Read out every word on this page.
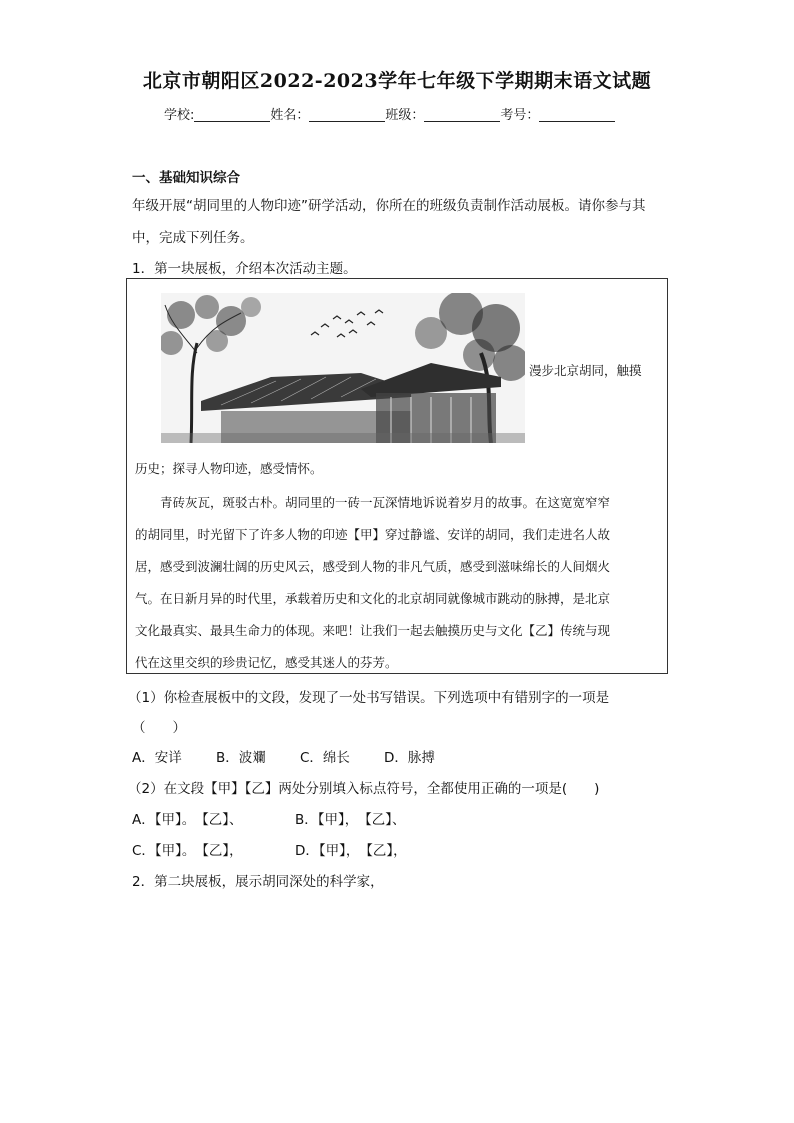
北京市朝阳区2022-2023学年七年级下学期期末语文试题
学校:	姓名：	班级：	考号：
一、基础知识综合
年级开展“胡同里的人物印迹”研学活动，你所在的班级负责制作活动展板。请你参与其
中，完成下列任务。
1．第一块展板，介绍本次活动主题。
漫步北京胡同，触摸
历史；探寻人物印迹，感受情怀。
青砖灰瓦，斑驳古朴。胡同里的一砖一瓦深情地诉说着岁月的故事。在这宽宽窄窄
的胡同里，时光留下了许多人物的印迹【甲】穿过静谧、安详的胡同，我们走进名人故
居，感受到波澜壮阔的历史风云，感受到人物的非凡气质，感受到滋味绵长的人间烟火
气。在日新月异的时代里，承载着历史和文化的北京胡同就像城市跳动的脉搏，是北京
文化最真实、最具生命力的体现。来吧！让我们一起去触摸历史与文化【乙】传统与现
代在这里交织的珍贵记忆，感受其迷人的芬芳。
（1）你检查展板中的文段，发现了一处书写错误。下列选项中有错别字的一项是
（　　）
A．安详	B．波斕	C．绵长	D．脉搏
（2）在文段【甲】【乙】两处分别填入标点符号，全都使用正确的一项是(　　)
A．【甲】。　【乙】、	B．【甲】，　【乙】、
C．【甲】。　【乙】，	D．【甲】，　【乙】，
2．第二块展板，展示胡同深处的科学家，
